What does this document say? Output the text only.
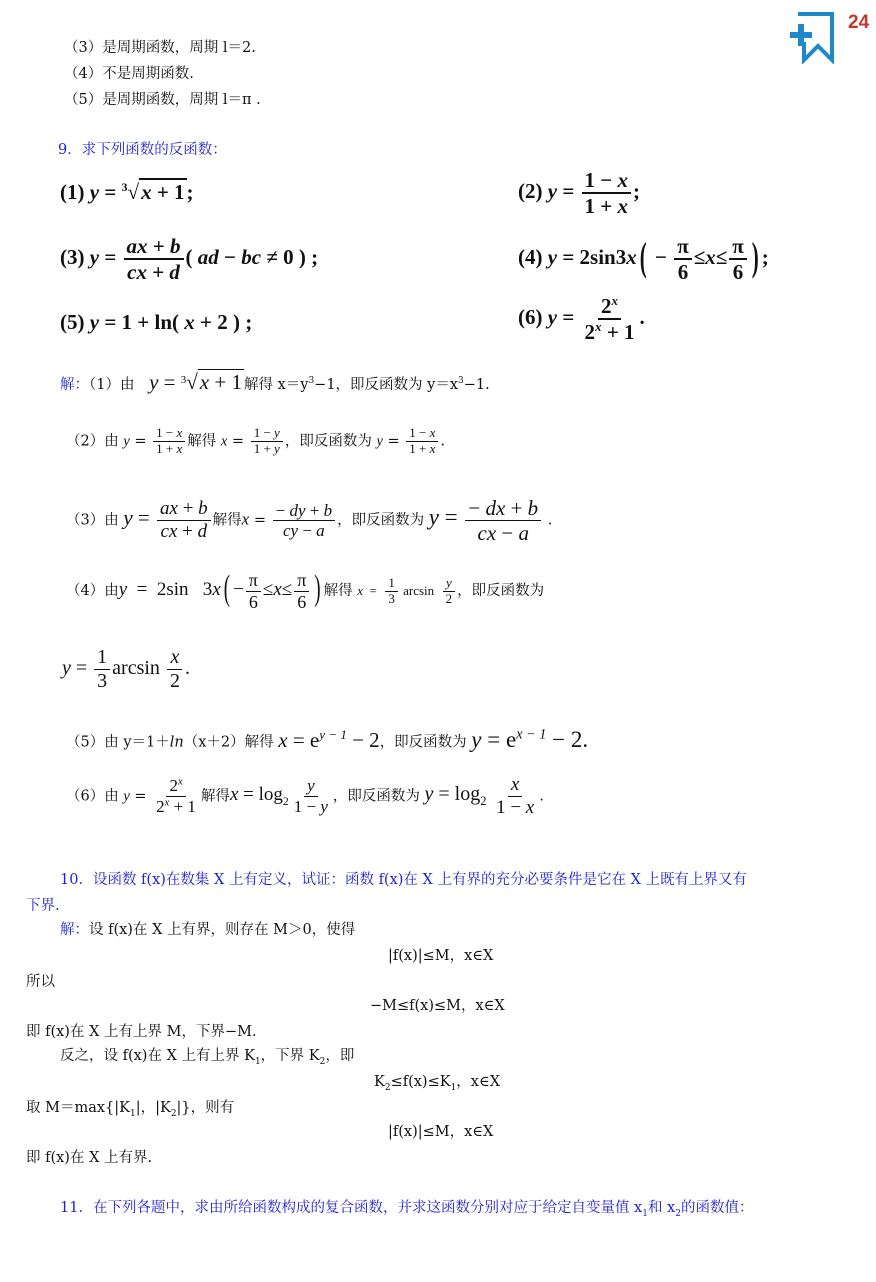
24
（3）是周期函数，周期 l＝2.
（4）不是周期函数.
（5）是周期函数，周期 l＝π .
9．求下列函数的反函数：
(1) y = $^3$√x + 1;	(2) $y = \frac{1 - x}{1 + x}$ ;
(3) $y = \frac{ax + b}{cx + d}$ ( ad − bc ≠ 0 ) ;	(4) y = 2sin3x ( − $\frac{\pi}{6} \le x\le \frac{\pi}{6}$ ) ;
(5) y = 1 + ln( x + 2 ) ;	(6) $y = \frac{2^x}{2^x + 1}$ .
解：（1）由 y = $^3$√x + 1 解得 $x=y^3-1$，即反函数为 $y=x^3-1$.
（2）由 $y = \frac{1 - x}{1 + x}$ 解得 $x = \frac{1 - y}{1 + y}$ ，即反函数为 $y = \frac{1 - x}{1 + x}$ .
（3）由 $y = \frac{ax + b}{cx + d}$ 解得$x = \frac{- dy + b}{cy - a}$ ，即反函数为 $y = \frac{- dx + b}{cx - a}$ .
（4）由y  =  2sin   3x ( − $\frac{\pi}{6} \le x\le \frac{\pi}{6}$ ) 解得 $x = \frac{1}{3}$ $\arcsin \frac{y}{2}$ ，即反函数为
$y = \frac{1}{3}$ $\arcsin \frac{x}{2}$ .
（5）由 y＝1＋ln（x＋2）解得 $x = e^{y - 1} - 2$，即反函数为 $y = e^{x - 1} - 2$.
（6）由 $y = \frac{2^x}{2^x + 1}$ 解得$x = \log_2 \frac{y}{1 - y}$ ，即反函数为 $y = \log_2 \frac{x}{1 - x}$ .
10．设函数 f(x)在数集 X 上有定义，试证：函数 f(x)在 X 上有界的充分必要条件是它在 X 上既有上界又有
下界.
解：设 f(x)在 X 上有界，则存在 M＞0，使得
|f(x)|≤M，x∈X
所以
−M≤f(x)≤M，x∈X
即 f(x)在 X 上有上界 M，下界−M.
反之，设 f(x)在 X 上有上界 $K_1$，下界 $K_2$，即
$K_2\le f(x)\le K_1$，x∈X
取 $M=\max\{|K_1|$，$|K_2|$}，则有
|f(x)|≤M，x∈X
即 f(x)在 X 上有界.
11．在下列各题中，求由所给函数构成的复合函数，并求这函数分别对应于给定自变量值 $x_1$和 $x_2$的函数值：
